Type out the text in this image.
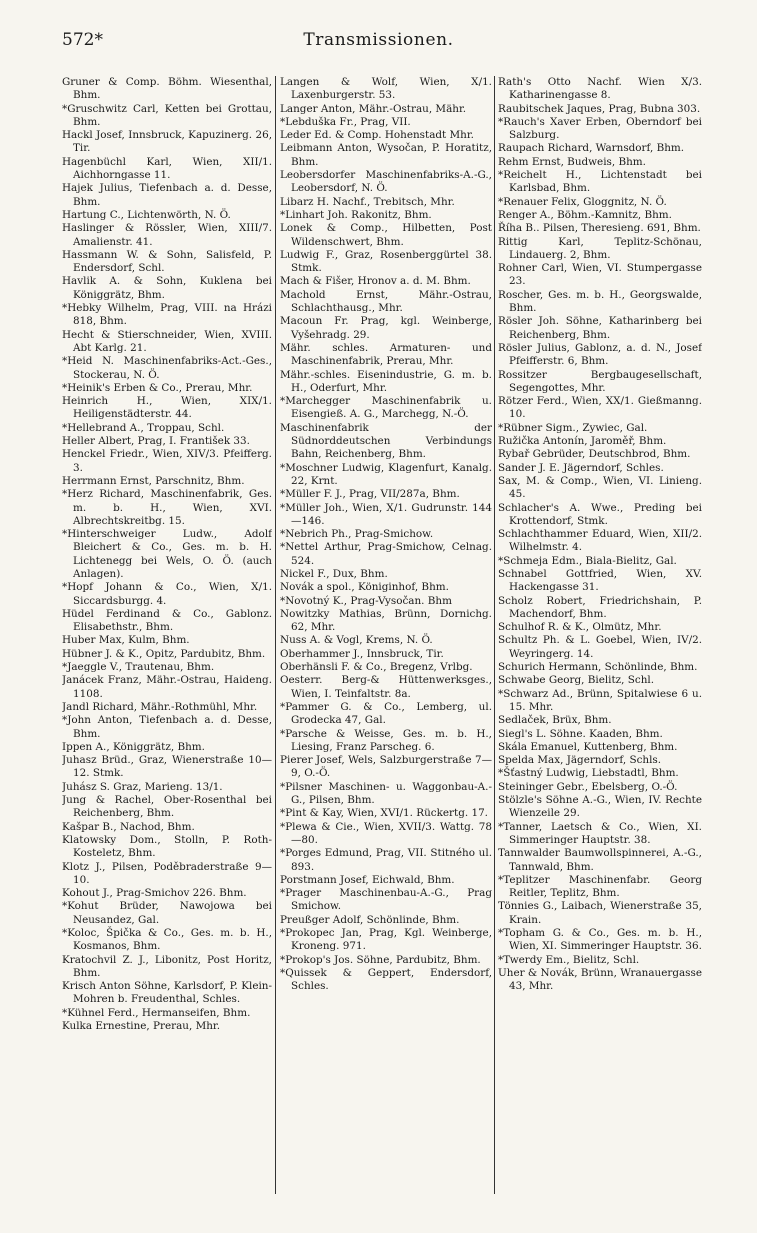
572*	Transmissionen.
Gruner & Comp. Böhm. Wiesenthal, Bhm.
*Gruschwitz Carl, Ketten bei Grottau, Bhm.
Hackl Josef, Innsbruck, Kapuzinerg. 26, Tir.
Hagenbüchl Karl, Wien, XII/1. Aichhorngasse 11.
Hajek Julius, Tiefenbach a. d. Desse, Bhm.
Hartung C., Lichtenwörth, N. Ö.
Haslinger & Rössler, Wien, XIII/7. Amalienstr. 41.
Hassmann W. & Sohn, Salisfeld, P. Endersdorf, Schl.
Havlik A. & Sohn, Kuklena bei Königgrätz, Bhm.
*Hebky Wilhelm, Prag, VIII. na Hrázi 818, Bhm.
Hecht & Stierschneider, Wien, XVIII. Abt Karlg. 21.
*Heid N. Maschinenfabriks-Act.-Ges., Stockerau, N. Ö.
*Heinik's Erben & Co., Prerau, Mhr.
Heinrich H., Wien, XIX/1. Heiligenstädterstr. 44.
*Hellebrand A., Troppau, Schl.
Heller Albert, Prag, I. František 33.
Henckel Friedr., Wien, XIV/3. Pfeifferg. 3.
Herrmann Ernst, Parschnitz, Bhm.
*Herz Richard, Maschinenfabrik, Ges. m. b. H., Wien, XVI. Albrechtskreitbg. 15.
*Hinterschweiger Ludw., Adolf Bleichert & Co., Ges. m. b. H. Lichtenegg bei Wels, O. Ö. (auch Anlagen).
*Hopf Johann & Co., Wien, X/1. Siccardsburgg. 4.
Hüdel Ferdinand & Co., Gablonz. Elisabethstr., Bhm.
Huber Max, Kulm, Bhm.
Hübner J. & K., Opitz, Pardubitz, Bhm.
*Jaeggle V., Trautenau, Bhm.
Janácek Franz, Mähr.-Ostrau, Haideng. 1108.
Jandl Richard, Mähr.-Rothmühl, Mhr.
*John Anton, Tiefenbach a. d. Desse, Bhm.
Ippen A., Königgrätz, Bhm.
Juhasz Brüd., Graz, Wienerstraße 10—12. Stmk.
Juhász S. Graz, Marieng. 13/1.
Jung & Rachel, Ober-Rosenthal bei Reichenberg, Bhm.
Kašpar B., Nachod, Bhm.
Klatowsky Dom., Stolln, P. Roth-Kosteletz, Bhm.
Klotz J., Pilsen, Poděbraderstraße 9—10.
Kohout J., Prag-Smichov 226. Bhm.
*Kohut Brüder, Nawojowa bei Neusandez, Gal.
*Koloc, Špička & Co., Ges. m. b. H., Kosmanos, Bhm.
Kratochvil Z. J., Libonitz, Post Horitz, Bhm.
Krisch Anton Söhne, Karlsdorf, P. Klein-Mohren b. Freudenthal, Schles.
*Kühnel Ferd., Hermanseifen, Bhm.
Kulka Ernestine, Prerau, Mhr.
Langen & Wolf, Wien, X/1. Laxenburgerstr. 53.
Langer Anton, Mähr.-Ostrau, Mähr.
*Lebduška Fr., Prag, VII.
Leder Ed. & Comp. Hohenstadt Mhr.
Leibmann Anton, Wysočan, P. Horatitz, Bhm.
Leobersdorfer Maschinenfabriks-A.-G., Leobersdorf, N. Ö.
Libarz H. Nachf., Trebitsch, Mhr.
*Linhart Joh. Rakonitz, Bhm.
Lonek & Comp., Hilbetten, Post Wildenschwert, Bhm.
Ludwig F., Graz, Rosenberggürtel 38. Stmk.
Mach & Fišer, Hronov a. d. M. Bhm.
Machold Ernst, Mähr.-Ostrau, Schlachthausg., Mhr.
Macoun Fr. Prag, kgl. Weinberge, Vyšehradg. 29.
Mähr. schles. Armaturen- und Maschinenfabrik, Prerau, Mhr.
Mähr.-schles. Eisenindustrie, G. m. b. H., Oderfurt, Mhr.
*Marchegger Maschinenfabrik u. Eisengieß. A. G., Marchegg, N.-Ö.
Maschinenfabrik der Südnorddeutschen Verbindungs Bahn, Reichenberg, Bhm.
*Moschner Ludwig, Klagenfurt, Kanalg. 22, Krnt.
*Müller F. J., Prag, VII/287a, Bhm.
*Müller Joh., Wien, X/1. Gudrunstr. 144—146.
*Nebrich Ph., Prag-Smichow.
*Nettel Arthur, Prag-Smichow, Celnag. 524.
Nickel F., Dux, Bhm.
Novák a spol., Königinhof, Bhm.
*Novotný K., Prag-Vysočan. Bhm
Nowitzky Mathias, Brünn, Dornichg. 62, Mhr.
Nuss A. & Vogl, Krems, N. Ö.
Oberhammer J., Innsbruck, Tir.
Oberhänsli F. & Co., Bregenz, Vrlbg.
Oesterr. Berg-& Hüttenwerksges., Wien, I. Teinfaltstr. 8a.
*Pammer G. & Co., Lemberg, ul. Grodecka 47, Gal.
*Parsche & Weisse, Ges. m. b. H., Liesing, Franz Parscheg. 6.
Pierer Josef, Wels, Salzburgerstraße 7—9, O.-Ö.
*Pilsner Maschinen- u. Waggonbau-A.-G., Pilsen, Bhm.
*Pint & Kay, Wien, XVI/1. Rückertg. 17.
*Plewa & Cie., Wien, XVII/3. Wattg. 78—80.
*Porges Edmund, Prag, VII. Stitného ul. 893.
Porstmann Josef, Eichwald, Bhm.
*Prager Maschinenbau-A.-G., Prag Smichow.
Preußger Adolf, Schönlinde, Bhm.
*Prokopec Jan, Prag, Kgl. Weinberge, Kroneng. 971.
*Prokop's Jos. Söhne, Pardubitz, Bhm.
*Quissek & Geppert, Endersdorf, Schles.
Rath's Otto Nachf. Wien X/3. Katharinengasse 8.
Raubitschek Jaques, Prag, Bubna 303.
*Rauch's Xaver Erben, Oberndorf bei Salzburg.
Raupach Richard, Warnsdorf, Bhm.
Rehm Ernst, Budweis, Bhm.
*Reichelt H., Lichtenstadt bei Karlsbad, Bhm.
*Renauer Felix, Gloggnitz, N. Ö.
Renger A., Böhm.-Kamnitz, Bhm.
Říha B.. Pilsen, Theresieng. 691, Bhm.
Rittig Karl, Teplitz-Schönau, Lindauerg. 2, Bhm.
Rohner Carl, Wien, VI. Stumpergasse 23.
Roscher, Ges. m. b. H., Georgswalde, Bhm.
Rösler Joh. Söhne, Katharinberg bei Reichenberg, Bhm.
Rösler Julius, Gablonz, a. d. N., Josef Pfeifferstr. 6, Bhm.
Rossitzer Bergbaugesellschaft, Segengottes, Mhr.
Rötzer Ferd., Wien, XX/1. Gießmanng. 10.
*Rübner Sigm., Zywiec, Gal.
Ružička Antonín, Jaroměř, Bhm.
Rybař Gebrüder, Deutschbrod, Bhm.
Sander J. E. Jägerndorf, Schles.
Sax, M. & Comp., Wien, VI. Linieng. 45.
Schlacher's A. Wwe., Preding bei Krottendorf, Stmk.
Schlachthammer Eduard, Wien, XII/2. Wilhelmstr. 4.
*Schmeja Edm., Biala-Bielitz, Gal.
Schnabel Gottfried, Wien, XV. Hackengasse 31.
Scholz Robert, Friedrichshain, P. Machendorf, Bhm.
Schulhof R. & K., Olmütz, Mhr.
Schultz Ph. & L. Goebel, Wien, IV/2. Weyringerg. 14.
Schurich Hermann, Schönlinde, Bhm.
Schwabe Georg, Bielitz, Schl.
*Schwarz Ad., Brünn, Spitalwiese 6 u. 15. Mhr.
Sedlaček, Brüx, Bhm.
Siegl's L. Söhne. Kaaden, Bhm.
Skála Emanuel, Kuttenberg, Bhm.
Spelda Max, Jägerndorf, Schls.
*Šťastný Ludwig, Liebstadtl, Bhm.
Steininger Gebr., Ebelsberg, O.-Ö.
Stölzle's Söhne A.-G., Wien, IV. Rechte Wienzeile 29.
*Tanner, Laetsch & Co., Wien, XI. Simmeringer Hauptstr. 38.
Tannwalder Baumwollspinnerei, A.-G., Tannwald, Bhm.
*Teplitzer Maschinenfabr. Georg Reitler, Teplitz, Bhm.
Tönnies G., Laibach, Wienerstraße 35, Krain.
*Topham G. & Co., Ges. m. b. H., Wien, XI. Simmeringer Hauptstr. 36.
*Twerdy Em., Bielitz, Schl.
Uher & Novák, Brünn, Wranauergasse 43, Mhr.
